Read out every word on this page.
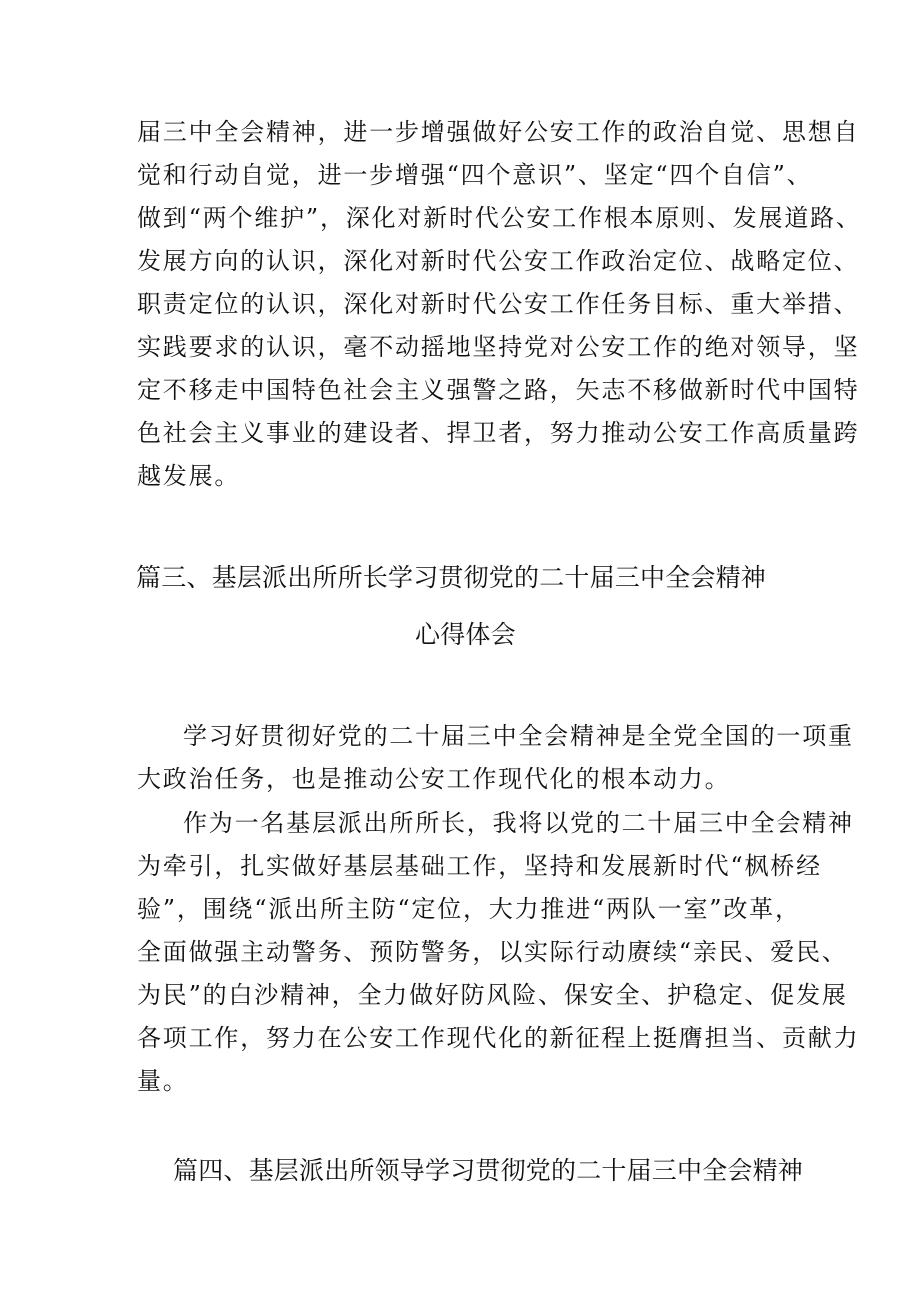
届三中全会精神，进一步增强做好公安工作的政治自觉、思想自
觉和行动自觉，进一步增强“四个意识”、坚定“四个自信”、
做到“两个维护”，深化对新时代公安工作根本原则、发展道路、
发展方向的认识，深化对新时代公安工作政治定位、战略定位、
职责定位的认识，深化对新时代公安工作任务目标、重大举措、
实践要求的认识，毫不动摇地坚持党对公安工作的绝对领导，坚
定不移走中国特色社会主义强警之路，矢志不移做新时代中国特
色社会主义事业的建设者、捍卫者，努力推动公安工作高质量跨
越发展。
篇三、基层派出所所长学习贯彻党的二十届三中全会精神
心得体会
学习好贯彻好党的二十届三中全会精神是全党全国的一项重
大政治任务，也是推动公安工作现代化的根本动力。
作为一名基层派出所所长，我将以党的二十届三中全会精神
为牵引，扎实做好基层基础工作，坚持和发展新时代“枫桥经
验”，围绕“派出所主防“定位，大力推进“两队一室”改革，
全面做强主动警务、预防警务，以实际行动赓续“亲民、爱民、
为民”的白沙精神，全力做好防风险、保安全、护稳定、促发展
各项工作，努力在公安工作现代化的新征程上挺膺担当、贡献力
量。
篇四、基层派出所领导学习贯彻党的二十届三中全会精神
